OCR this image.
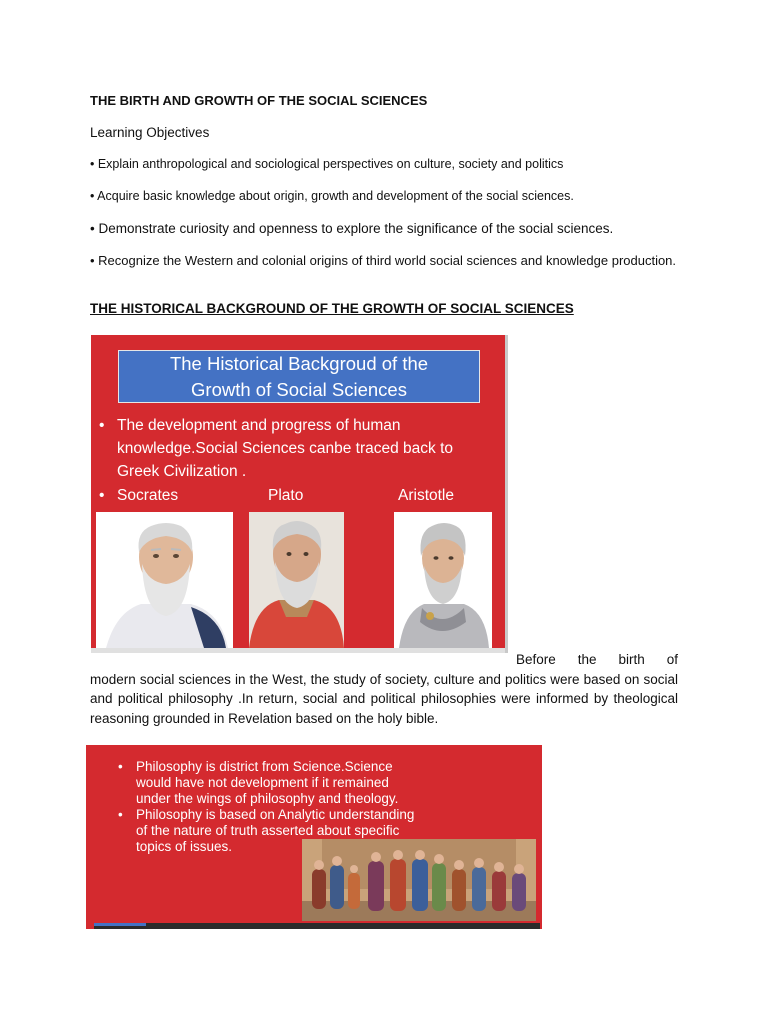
THE BIRTH AND GROWTH OF THE SOCIAL SCIENCES
Learning Objectives
• Explain anthropological and sociological perspectives on culture, society and politics
• Acquire basic knowledge about origin, growth and development of the social sciences.
• Demonstrate curiosity and openness to explore the significance of the social sciences.
• Recognize the Western and colonial origins of third world social sciences and knowledge production.
THE HISTORICAL BACKGROUND OF THE GROWTH OF SOCIAL SCIENCES
The Historical Backgroud of the
Growth of Social Sciences
• The development and progress of human
knowledge.Social Sciences canbe traced back to
Greek Civilization .
• Socrates	Plato	Aristotle
Before the birth of
modern social sciences in the West, the study of society, culture and politics were based on social and political philosophy .In return, social and political philosophies were informed by theological reasoning grounded in Revelation based on the holy bible.
• Philosophy is district from Science.Science
would have not development if it remained
under the wings of philosophy and theology.
• Philosophy is based on Analytic understanding
of the nature of truth asserted about specific
topics of issues.
